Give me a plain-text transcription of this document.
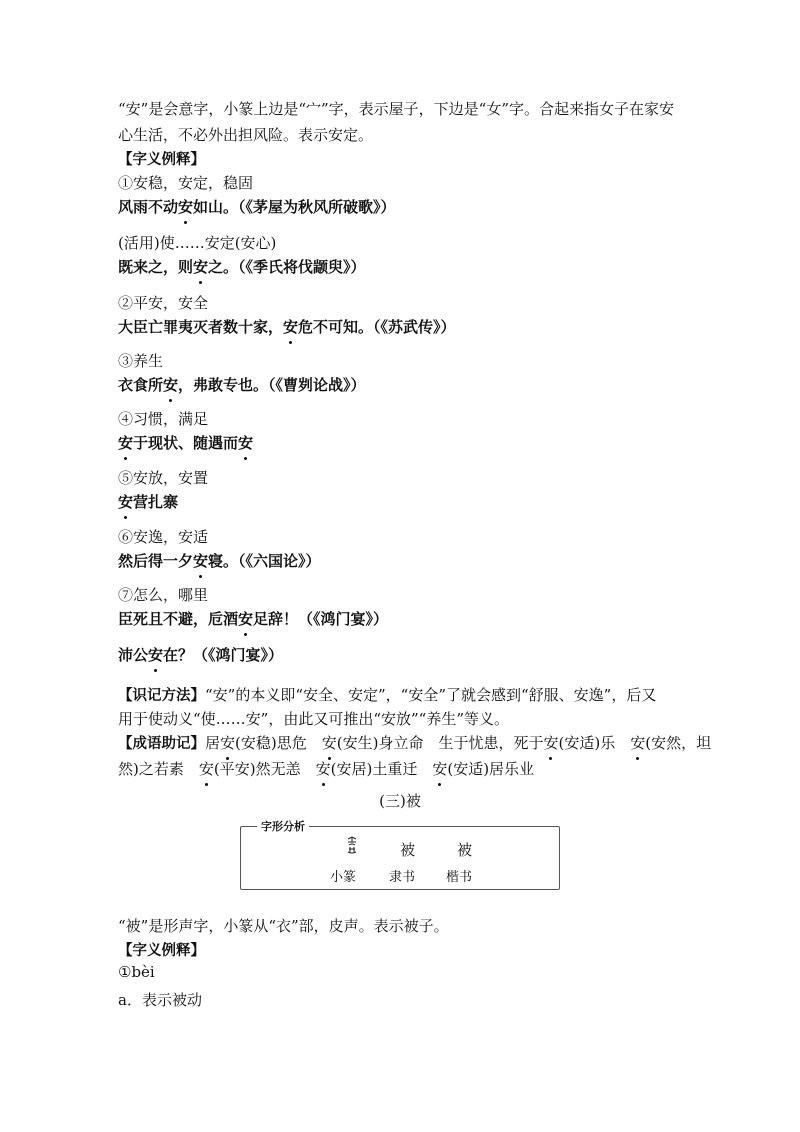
“安”是会意字，小篆上边是“宀”字，表示屋子，下边是“女”字。合起来指女子在家安
心生活，不必外出担风险。表示安定。
【字义例释】
①安稳，安定，稳固
风雨不动安如山。（《茅屋为秋风所破歌》）
(活用)使……安定(安心)
既来之，则安之。（《季氏将伐颛臾》）
②平安，安全
大臣亡罪夷灭者数十家，安危不可知。（《苏武传》）
③养生
衣食所安，弗敢专也。（《曹刿论战》）
④习惯，满足
安于现状、随遇而安
⑤安放，安置
安营扎寨
⑥安逸，安适
然后得一夕安寝。（《六国论》）
⑦怎么，哪里
臣死且不避，卮酒安足辞！（《鸿门宴》）
沛公安在？（《鸿门宴》）
【识记方法】“安”的本义即“安全、安定”，“安全”了就会感到“舒服、安逸”，后又
用于使动义“使……安”，由此又可推出“安放”“养生”等义。
【成语助记】居安(安稳)思危　安(安生)身立命　生于忧患，死于安(安适)乐　安(安然，坦
然)之若素　安(平安)然无恙　安(安居)土重迁　安(安适)居乐业
(三)被
字形分析
被	被
小篆	隶书 楷书
“被”是形声字，小篆从“衣”部，皮声。表示被子。
【字义例释】
①bèi
a．表示被动
